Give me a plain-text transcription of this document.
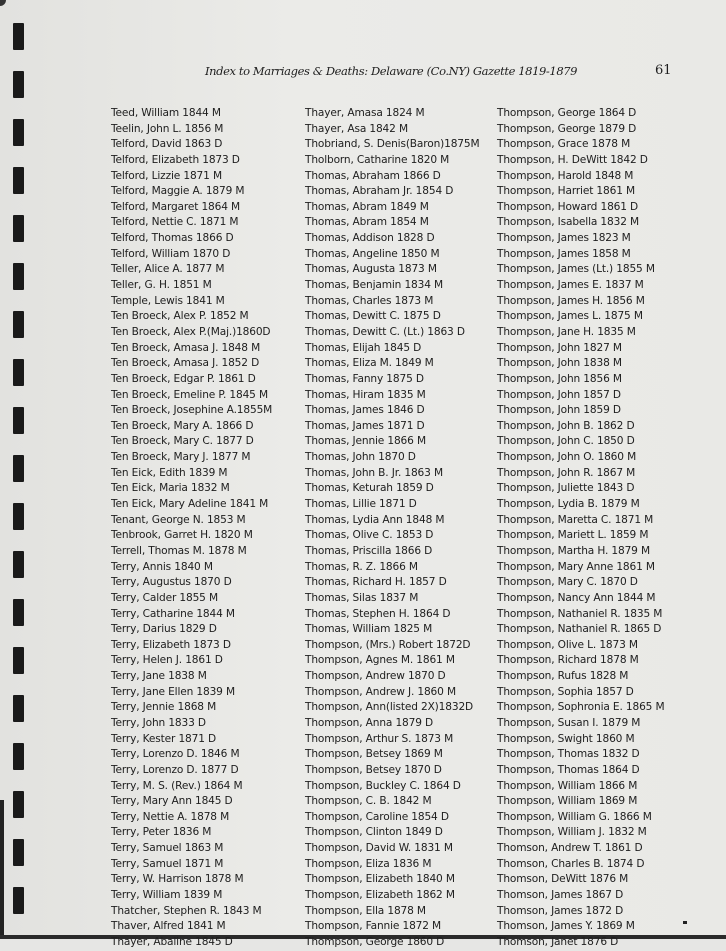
Index to Marriages & Deaths: Delaware (Co.NY) Gazette 1819-1879	61
Teed, William 1844 M
Teelin, John L. 1856 M
Telford, David 1863 D
Telford, Elizabeth 1873 D
Telford, Lizzie 1871 M
Telford, Maggie A. 1879 M
Telford, Margaret 1864 M
Telford, Nettie C. 1871 M
Telford, Thomas 1866 D
Telford, William 1870 D
Teller, Alice A. 1877 M
Teller, G. H. 1851 M
Temple, Lewis 1841 M
Ten Broeck, Alex P. 1852 M
Ten Broeck, Alex P.(Maj.)1860D
Ten Broeck, Amasa J. 1848 M
Ten Broeck, Amasa J. 1852 D
Ten Broeck, Edgar P. 1861 D
Ten Broeck, Emeline P. 1845 M
Ten Broeck, Josephine A.1855M
Ten Broeck, Mary A. 1866 D
Ten Broeck, Mary C. 1877 D
Ten Broeck, Mary J. 1877 M
Ten Eick, Edith 1839 M
Ten Eick, Maria 1832 M
Ten Eick, Mary Adeline 1841 M
Tenant, George N. 1853 M
Tenbrook, Garret H. 1820 M
Terrell, Thomas M. 1878 M
Terry, Annis 1840 M
Terry, Augustus 1870 D
Terry, Calder 1855 M
Terry, Catharine 1844 M
Terry, Darius 1829 D
Terry, Elizabeth 1873 D
Terry, Helen J. 1861 D
Terry, Jane 1838 M
Terry, Jane Ellen 1839 M
Terry, Jennie 1868 M
Terry, John 1833 D
Terry, Kester 1871 D
Terry, Lorenzo D. 1846 M
Terry, Lorenzo D. 1877 D
Terry, M. S. (Rev.) 1864 M
Terry, Mary Ann 1845 D
Terry, Nettie A. 1878 M
Terry, Peter 1836 M
Terry, Samuel 1863 M
Terry, Samuel 1871 M
Terry, W. Harrison 1878 M
Terry, William 1839 M
Thatcher, Stephen R. 1843 M
Thaver, Alfred 1841 M
Thayer, Abaline 1845 D
Thayer, Amasa 1824 M
Thayer, Asa 1842 M
Thobriand, S. Denis(Baron)1875M
Tholborn, Catharine 1820 M
Thomas, Abraham 1866 D
Thomas, Abraham Jr. 1854 D
Thomas, Abram 1849 M
Thomas, Abram 1854 M
Thomas, Addison 1828 D
Thomas, Angeline 1850 M
Thomas, Augusta 1873 M
Thomas, Benjamin 1834 M
Thomas, Charles 1873 M
Thomas, Dewitt C. 1875 D
Thomas, Dewitt C. (Lt.) 1863 D
Thomas, Elijah 1845 D
Thomas, Eliza M. 1849 M
Thomas, Fanny 1875 D
Thomas, Hiram 1835 M
Thomas, James 1846 D
Thomas, James 1871 D
Thomas, Jennie 1866 M
Thomas, John 1870 D
Thomas, John B. Jr. 1863 M
Thomas, Keturah 1859 D
Thomas, Lillie 1871 D
Thomas, Lydia Ann 1848 M
Thomas, Olive C. 1853 D
Thomas, Priscilla 1866 D
Thomas, R. Z. 1866 M
Thomas, Richard H. 1857 D
Thomas, Silas 1837 M
Thomas, Stephen H. 1864 D
Thomas, William 1825 M
Thompson, (Mrs.) Robert 1872D
Thompson, Agnes M. 1861 M
Thompson, Andrew 1870 D
Thompson, Andrew J. 1860 M
Thompson, Ann(listed 2X)1832D
Thompson, Anna 1879 D
Thompson, Arthur S. 1873 M
Thompson, Betsey 1869 M
Thompson, Betsey 1870 D
Thompson, Buckley C. 1864 D
Thompson, C. B. 1842 M
Thompson, Caroline 1854 D
Thompson, Clinton 1849 D
Thompson, David W. 1831 M
Thompson, Eliza 1836 M
Thompson, Elizabeth 1840 M
Thompson, Elizabeth 1862 M
Thompson, Ella 1878 M
Thompson, Fannie 1872 M
Thompson, George 1860 D
Thompson, George 1864 D
Thompson, George 1879 D
Thompson, Grace 1878 M
Thompson, H. DeWitt 1842 D
Thompson, Harold 1848 M
Thompson, Harriet 1861 M
Thompson, Howard 1861 D
Thompson, Isabella 1832 M
Thompson, James 1823 M
Thompson, James 1858 M
Thompson, James (Lt.) 1855 M
Thompson, James E. 1837 M
Thompson, James H. 1856 M
Thompson, James L. 1875 M
Thompson, Jane H. 1835 M
Thompson, John 1827 M
Thompson, John 1838 M
Thompson, John 1856 M
Thompson, John 1857 D
Thompson, John 1859 D
Thompson, John B. 1862 D
Thompson, John C. 1850 D
Thompson, John O. 1860 M
Thompson, John R. 1867 M
Thompson, Juliette 1843 D
Thompson, Lydia B. 1879 M
Thompson, Maretta C. 1871 M
Thompson, Mariett L. 1859 M
Thompson, Martha H. 1879 M
Thompson, Mary Anne 1861 M
Thompson, Mary C. 1870 D
Thompson, Nancy Ann 1844 M
Thompson, Nathaniel R. 1835 M
Thompson, Nathaniel R. 1865 D
Thompson, Olive L. 1873 M
Thompson, Richard 1878 M
Thompson, Rufus 1828 M
Thompson, Sophia 1857 D
Thompson, Sophronia E. 1865 M
Thompson, Susan I. 1879 M
Thompson, Swight 1860 M
Thompson, Thomas 1832 D
Thompson, Thomas 1864 D
Thompson, William 1866 M
Thompson, William 1869 M
Thompson, William G. 1866 M
Thompson, William J. 1832 M
Thomson, Andrew T. 1861 D
Thomson, Charles B. 1874 D
Thomson, DeWitt 1876 M
Thomson, James 1867 D
Thomson, James 1872 D
Thomson, James Y. 1869 M
Thomson, Janet 1876 D
